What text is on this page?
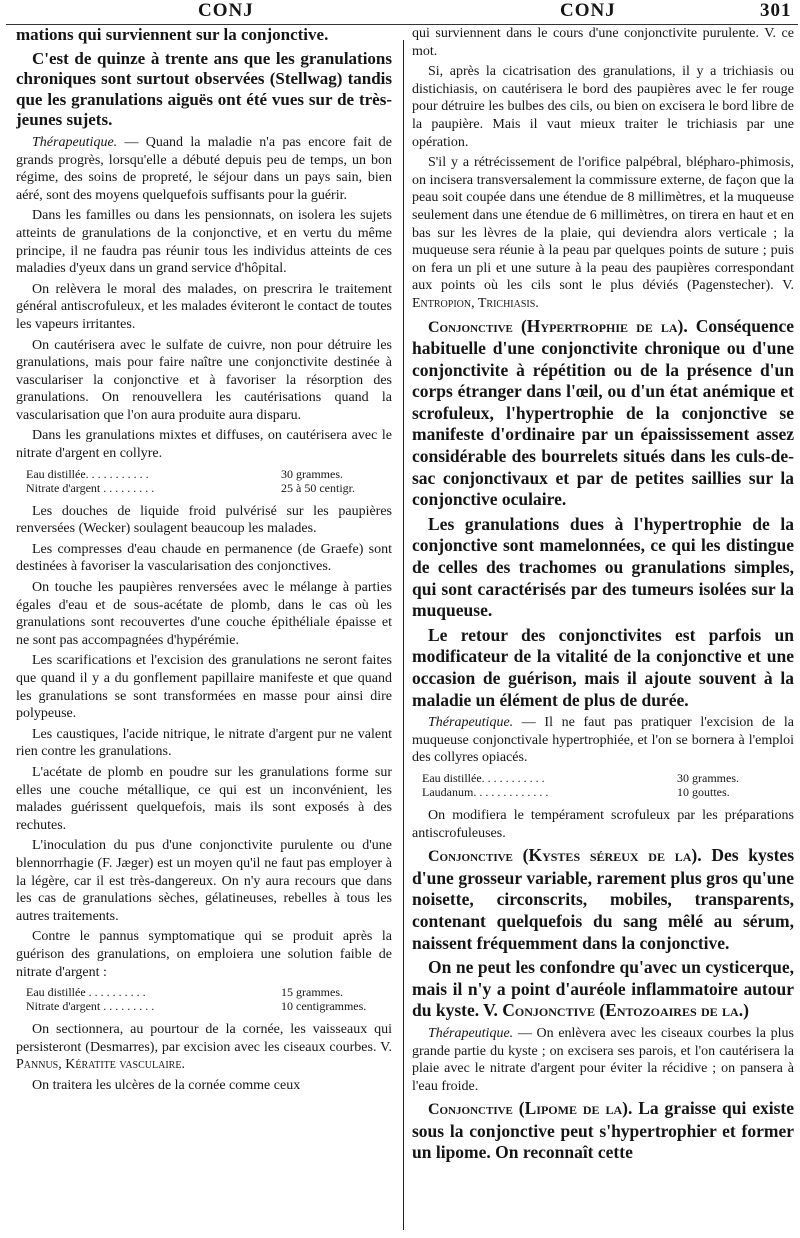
CONJ	CONJ	301

mations qui surviennent sur la conjonctive.

C'est de quinze à trente ans que les granulations chroniques sont surtout observées (Stellwag) tandis que les granulations aiguës ont été vues sur de très-jeunes sujets.

Thérapeutique. — Quand la maladie n'a pas encore fait de grands progrès, lorsqu'elle a débuté depuis peu de temps, un bon régime, des soins de propreté, le séjour dans un pays sain, bien aéré, sont des moyens quelquefois suffisants pour la guérir.

Dans les familles ou dans les pensionnats, on isolera les sujets atteints de granulations de la conjonctive, et en vertu du même principe, il ne faudra pas réunir tous les individus atteints de ces maladies d'yeux dans un grand service d'hôpital.

On relèvera le moral des malades, on prescrira le traitement général antiscrofuleux, et les malades éviteront le contact de toutes les vapeurs irritantes.

On cautérisera avec le sulfate de cuivre, non pour détruire les granulations, mais pour faire naître une conjonctivite destinée à vasculariser la conjonctive et à favoriser la résorption des granulations. On renouvellera les cautérisations quand la vascularisation que l'on aura produite aura disparu.

Dans les granulations mixtes et diffuses, on cautérisera avec le nitrate d'argent en collyre.

Eau distillée. . . . . . . . . . .	30 grammes.
Nitrate d'argent . . . . . . . . .	25 à 50 centigr.

Les douches de liquide froid pulvérisé sur les paupières renversées (Wecker) soulagent beaucoup les malades.

Les compresses d'eau chaude en permanence (de Graefe) sont destinées à favoriser la vascularisation des conjonctives.

On touche les paupières renversées avec le mélange à parties égales d'eau et de sous-acétate de plomb, dans le cas où les granulations sont recouvertes d'une couche épithéliale épaisse et ne sont pas accompagnées d'hypérémie.

Les scarifications et l'excision des granulations ne seront faites que quand il y a du gonflement papillaire manifeste et que quand les granulations se sont transformées en masse pour ainsi dire polypeuse.

Les caustiques, l'acide nitrique, le nitrate d'argent pur ne valent rien contre les granulations.

L'acétate de plomb en poudre sur les granulations forme sur elles une couche métallique, ce qui est un inconvénient, les malades guérissent quelquefois, mais ils sont exposés à des rechutes.

L'inoculation du pus d'une conjonctivite purulente ou d'une blennorrhagie (F. Jæger) est un moyen qu'il ne faut pas employer à la légère, car il est très-dangereux. On n'y aura recours que dans les cas de granulations sèches, gélatineuses, rebelles à tous les autres traitements.

Contre le pannus symptomatique qui se produit après la guérison des granulations, on emploiera une solution faible de nitrate d'argent :

Eau distillée . . . . . . . . . .	15 grammes.
Nitrate d'argent . . . . . . . . .	10 centigrammes.

On sectionnera, au pourtour de la cornée, les vaisseaux qui persisteront (Desmarres), par excision avec les ciseaux courbes. V. Pannus, Kératite vasculaire.

On traitera les ulcères de la cornée comme ceux

qui surviennent dans le cours d'une conjonctivite purulente. V. ce mot.

Si, après la cicatrisation des granulations, il y a trichiasis ou distichiasis, on cautérisera le bord des paupières avec le fer rouge pour détruire les bulbes des cils, ou bien on excisera le bord libre de la paupière. Mais il vaut mieux traiter le trichiasis par une opération.

S'il y a rétrécissement de l'orifice palpébral, blépharo-phimosis, on incisera transversalement la commissure externe, de façon que la peau soit coupée dans une étendue de 8 millimètres, et la muqueuse seulement dans une étendue de 6 millimètres, on tirera en haut et en bas sur les lèvres de la plaie, qui deviendra alors verticale ; la muqueuse sera réunie à la peau par quelques points de suture ; puis on fera un pli et une suture à la peau des paupières correspondant aux points où les cils sont le plus déviés (Pagenstecher). V. Entropion, Trichiasis.

Conjonctive (Hypertrophie de la). Conséquence habituelle d'une conjonctivite chronique ou d'une conjonctivite à répétition ou de la présence d'un corps étranger dans l'œil, ou d'un état anémique et scrofuleux, l'hypertrophie de la conjonctive se manifeste d'ordinaire par un épaississement assez considérable des bourrelets situés dans les culs-de-sac conjonctivaux et par de petites saillies sur la conjonctive oculaire.

Les granulations dues à l'hypertrophie de la conjonctive sont mamelonnées, ce qui les distingue de celles des trachomes ou granulations simples, qui sont caractérisés par des tumeurs isolées sur la muqueuse.

Le retour des conjonctivites est parfois un modificateur de la vitalité de la conjonctive et une occasion de guérison, mais il ajoute souvent à la maladie un élément de plus de durée.

Thérapeutique. — Il ne faut pas pratiquer l'excision de la muqueuse conjonctivale hypertrophiée, et l'on se bornera à l'emploi des collyres opiacés.

Eau distillée. . . . . . . . . . .	30 grammes.
Laudanum. . . . . . . . . . . . .	10 gouttes.

On modifiera le tempérament scrofuleux par les préparations antiscrofuleuses.

Conjonctive (Kystes séreux de la). Des kystes d'une grosseur variable, rarement plus gros qu'une noisette, circonscrits, mobiles, transparents, contenant quelquefois du sang mêlé au sérum, naissent fréquemment dans la conjonctive.

On ne peut les confondre qu'avec un cysticerque, mais il n'y a point d'auréole inflammatoire autour du kyste. V. Conjonctive (Entozoaires de la.)

Thérapeutique. — On enlèvera avec les ciseaux courbes la plus grande partie du kyste ; on excisera ses parois, et l'on cautérisera la plaie avec le nitrate d'argent pour éviter la récidive ; on pansera à l'eau froide.

Conjonctive (Lipome de la). La graisse qui existe sous la conjonctive peut s'hypertrophier et former un lipome. On reconnaît cette
